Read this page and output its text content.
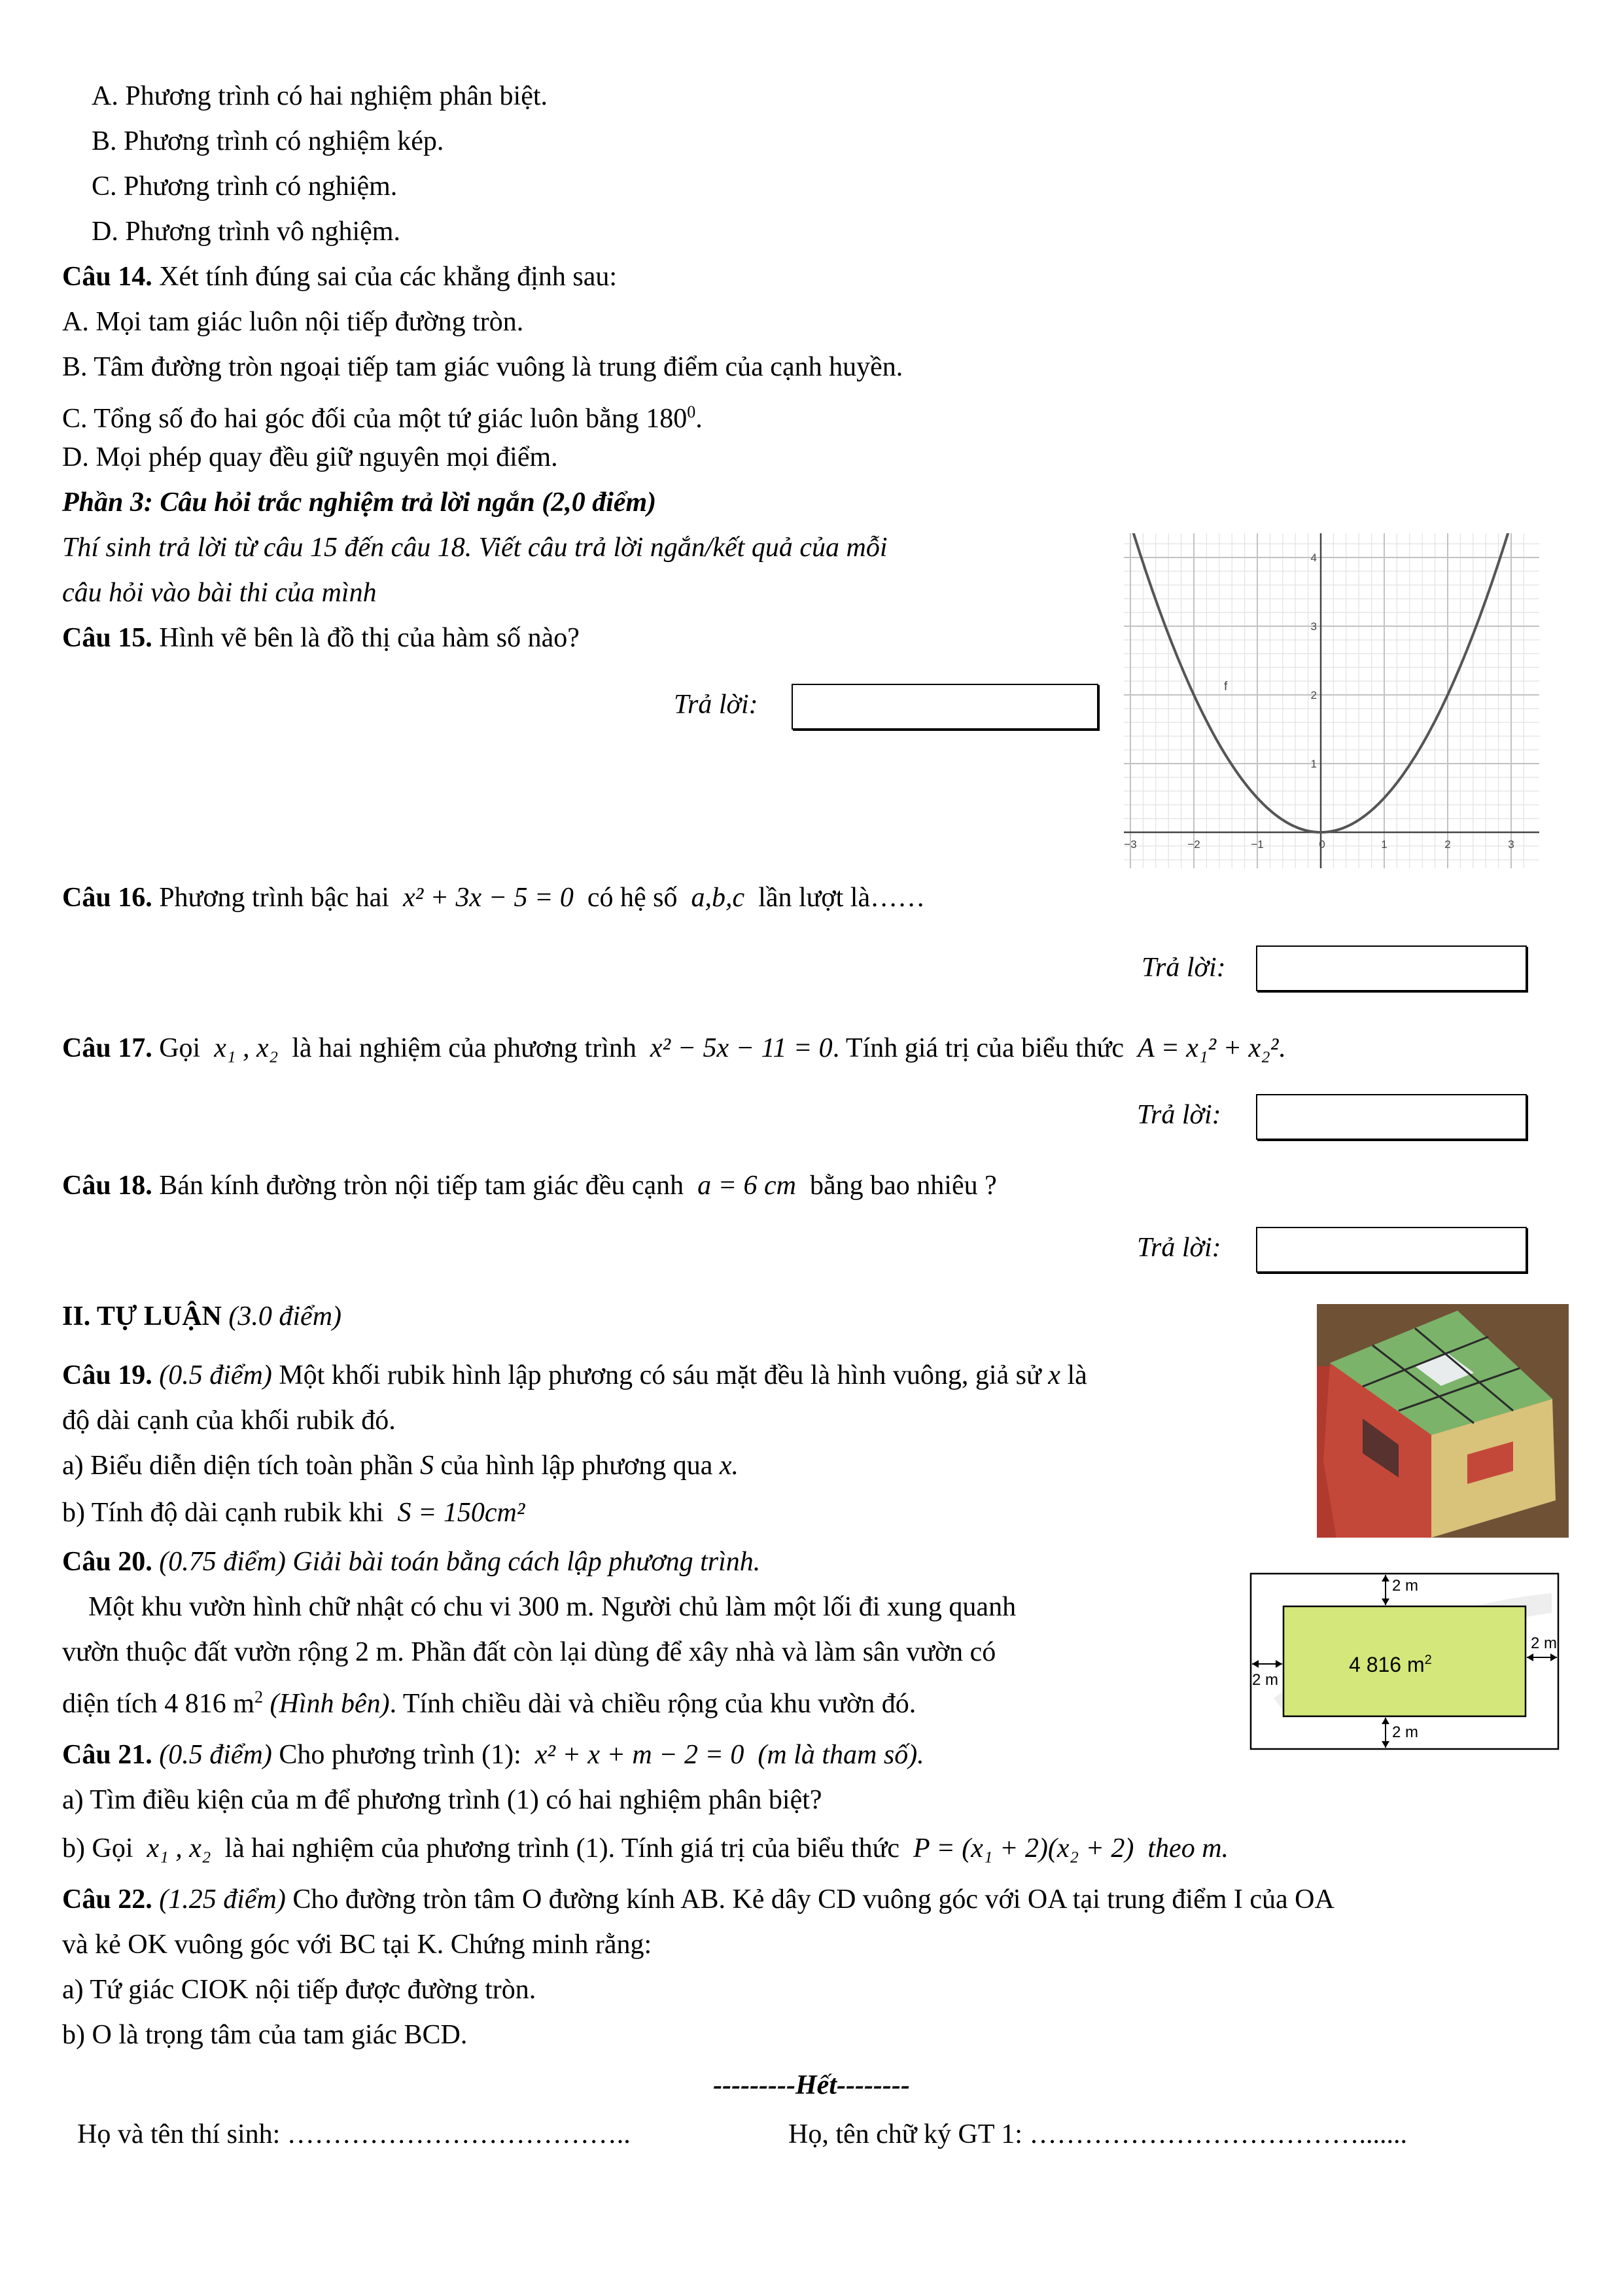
A. Phương trình có hai nghiệm phân biệt.
B. Phương trình có nghiệm kép.
C. Phương trình có nghiệm.
D. Phương trình vô nghiệm.
Câu 14. Xét tính đúng sai của các khẳng định sau:
A. Mọi tam giác luôn nội tiếp đường tròn.
B. Tâm đường tròn ngoại tiếp tam giác vuông là trung điểm của cạnh huyền.
C. Tổng số đo hai góc đối của một tứ giác luôn bằng $180^0$.
D. Mọi phép quay đều giữ nguyên mọi điểm.
Phần 3: Câu hỏi trắc nghiệm trả lời ngắn (2,0 điểm)
Thí sinh trả lời từ câu 15 đến câu 18. Viết câu trả lời ngắn/kết quả của mỗi
câu hỏi vào bài thi của mình
Câu 15. Hình vẽ bên là đồ thị của hàm số nào?
Trả lời:
−3	−2	−1	0	1	2	3
1
2
3
4
f
Câu 16. Phương trình bậc hai x² + 3x − 5 = 0 có hệ số a,b,c lần lượt là……
Trả lời:
Câu 17. Gọi x₁ , x₂ là hai nghiệm của phương trình x² − 5x − 11 = 0. Tính giá trị của biểu thức A = x₁² + x₂².
Trả lời:
Câu 18. Bán kính đường tròn nội tiếp tam giác đều cạnh a = 6 cm bằng bao nhiêu ?
Trả lời:
II. TỰ LUẬN (3.0 điểm)
Câu 19. (0.5 điểm) Một khối rubik hình lập phương có sáu mặt đều là hình vuông, giả sử x là
độ dài cạnh của khối rubik đó.
a) Biểu diễn diện tích toàn phần S của hình lập phương qua x.
b) Tính độ dài cạnh rubik khi S = 150cm²
Câu 20. (0.75 điểm) Giải bài toán bằng cách lập phương trình.
Một khu vườn hình chữ nhật có chu vi 300 m. Người chủ làm một lối đi xung quanh
vườn thuộc đất vườn rộng 2 m. Phần đất còn lại dùng để xây nhà và làm sân vườn có
diện tích 4 816 $m^2$ (Hình bên). Tính chiều dài và chiều rộng của khu vườn đó.
2 m
2 m
2 m
2 m
4 816 $m^2$
Câu 21. (0.5 điểm) Cho phương trình (1): x² + x + m − 2 = 0 (m là tham số).
a) Tìm điều kiện của m để phương trình (1) có hai nghiệm phân biệt?
b) Gọi x₁ , x₂ là hai nghiệm của phương trình (1). Tính giá trị của biểu thức P = (x₁ + 2)(x₂ + 2) theo m.
Câu 22. (1.25 điểm) Cho đường tròn tâm O đường kính AB. Kẻ dây CD vuông góc với OA tại trung điểm I của OA
và kẻ OK vuông góc với BC tại K. Chứng minh rằng:
a) Tứ giác CIOK nội tiếp được đường tròn.
b) O là trọng tâm của tam giác BCD.
---------Hết--------
Họ và tên thí sinh: ………………………………..	Họ, tên chữ ký GT 1: ……………………………….......
